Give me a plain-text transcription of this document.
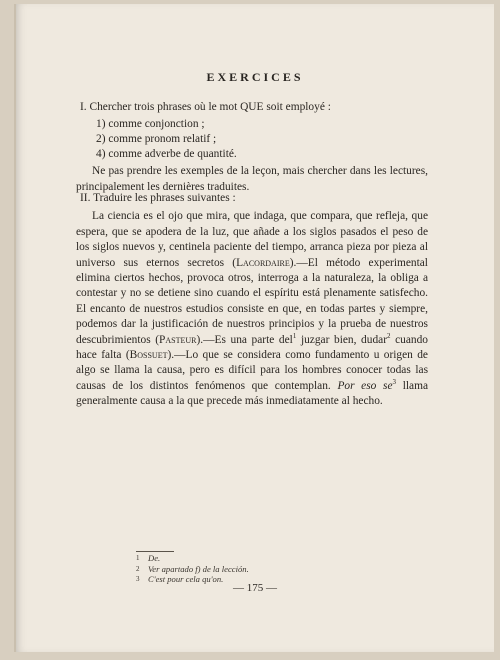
EXERCICES
I. Chercher trois phrases où le mot QUE soit employé :
1) comme conjonction ;
2) comme pronom relatif ;
4) comme adverbe de quantité.
Ne pas prendre les exemples de la leçon, mais chercher dans les lectures, principalement les dernières traduites.
II. Traduire les phrases suivantes :
La ciencia es el ojo que mira, que indaga, que compara, que refleja, que espera, que se apodera de la luz, que añade a los siglos pasados el peso de los siglos nuevos y, centinela paciente del tiempo, arranca pieza por pieza al universo sus eternos secretos (Lacordaire).—El método experimental elimina ciertos hechos, provoca otros, interroga a la naturaleza, la obliga a contestar y no se detiene sino cuando el espíritu está plenamente satisfecho. El encanto de nuestros estudios consiste en que, en todas partes y siempre, podemos dar la justificación de nuestros principios y la prueba de nuestros descubrimientos (Pasteur).—Es una parte del$^1$ juzgar bien, dudar$^2$ cuando hace falta (Bossuet).—Lo que se considera como fundamento u origen de algo se llama la causa, pero es difícil para los hombres conocer todas las causas de los distintos fenómenos que contemplan. Por eso $se^3$ llama generalmente causa a la que precede más inmediatamente al hecho.
1 De.
2 Ver apartado f) de la lección.
3 C'est pour cela qu'on.
— 175 —
